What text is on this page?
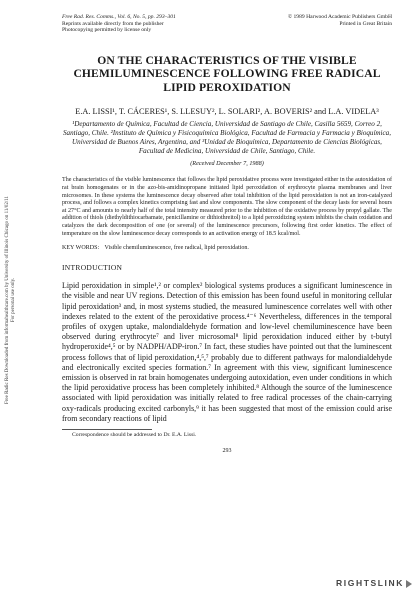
Free Radic Res Downloaded from informahealthcare.com by University of Illinois Chicago on 11/02/11 For personal use only.
Free Rad. Res. Comms., Vol. 6, No. 5, pp. 293–301
Reprints available directly from the publisher
Photocopying permitted by license only
© 1989 Harwood Academic Publishers GmbH
Printed in Great Britain
ON THE CHARACTERISTICS OF THE VISIBLE CHEMILUMINESCENCE FOLLOWING FREE RADICAL LIPID PEROXIDATION
E.A. LISSI¹, T. CÁCERES¹, S. LLESUY², L. SOLARI², A. BOVERIS² and L.A. VIDELA³
¹Departamento de Química, Facultad de Ciencia, Universidad de Santiago de Chile, Casilla 5659, Correo 2, Santiago, Chile. ²Instituto de Química y Fisicoquímica Biológica, Facultad de Farmacia y Farmacia y Bioquímica, Universidad de Buenos Aires, Argentina, and ³Unidad de Bioquímica, Departamento de Ciencias Biológicas, Facultad de Medicina, Universidad de Chile, Santiago, Chile.
(Received December 7, 1988)
The characteristics of the visible luminescence that follows the lipid peroxidative process were investigated either in the autoxidation of rat brain homogenates or in the azo-bis-amidinopropane initiated lipid peroxidation of erythrocyte plasma membranes and liver microsomes. In these systems the luminescence decay observed after total inhibition of the lipid peroxidation is not an iron-catalyzed process, and follows a complex kinetics comprising fast and slow components. The slow component of the decay lasts for several hours at 27°C and amounts to nearly half of the total intensity measured prior to the inhibition of the oxidative process by propyl gallate. The addition of thiols (diethyldithiocarbamate, penicillamine or dithiothreitol) to a lipid peroxidizing system inhibits the chain oxidation and catalyzes the dark decomposition of one (or several) of the luminescence precursors, following first order kinetics. The effect of temperature on the slow luminescence decay corresponds to an activation energy of 18.5 kcal/mol.
KEY WORDS: Visible chemiluminescence, free radical, lipid peroxidation.
INTRODUCTION
Lipid peroxidation in simple¹,² or complex² biological systems produces a significant luminescence in the visible and near UV regions. Detection of this emission has been found useful in monitoring cellular lipid peroxidation³ and, in most systems studied, the measured luminescence correlates well with other indexes related to the extent of the peroxidative process.⁴⁻⁶ Nevertheless, differences in the temporal profiles of oxygen uptake, malondialdehyde formation and low-level chemiluminescence have been observed during erythrocyte⁷ and liver microsomal⁸ lipid peroxidation induced either by t-butyl hydroperoxide⁴,⁵ or by NADPH/ADP-iron.⁷ In fact, these studies have pointed out that the luminescent process follows that of lipid peroxidation,⁴,⁵,⁷ probably due to different pathways for malondialdehyde and electronically excited species formation.⁷ In agreement with this view, significant luminescence emission is observed in rat brain homogenates undergoing autoxidation, even under conditions in which the lipid peroxidative process has been completely inhibited.⁸ Although the source of the luminescence associated with lipid peroxidation was initially related to free radical processes of the chain-carrying oxy-radicals producing excited carbonyls,⁹ it has been suggested that most of the emission could arise from secondary reactions of lipid
Correspondence should be addressed to Dr. E.A. Lissi.
293
RIGHTSLINK
